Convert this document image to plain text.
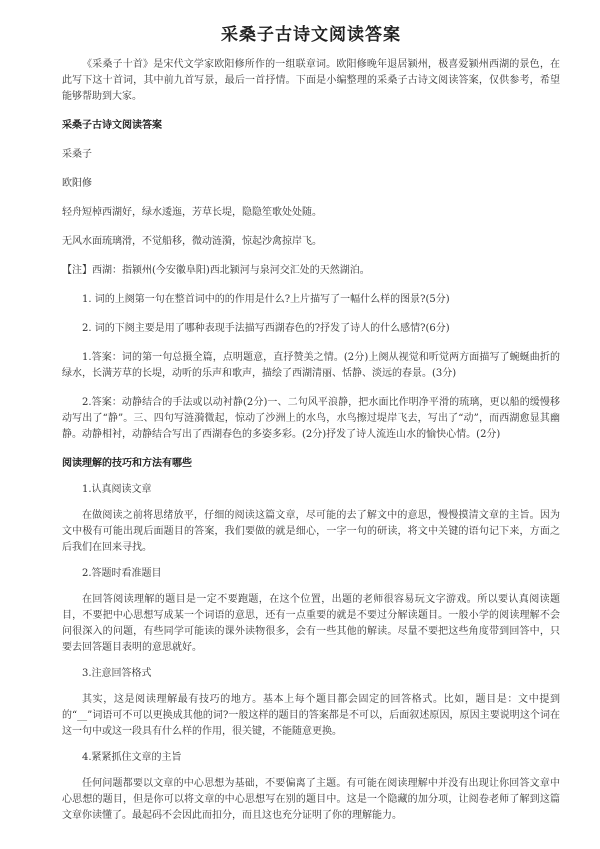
采桑子古诗文阅读答案

《采桑子十首》是宋代文学家欧阳修所作的一组联章词。欧阳修晚年退居颍州，极喜爱颍州西湖的景色，在此写下这十首词，其中前九首写景，最后一首抒情。下面是小编整理的采桑子古诗文阅读答案，仅供参考，希望能够帮助到大家。

采桑子古诗文阅读答案

采桑子

欧阳修

轻舟短棹西湖好，绿水逶迤，芳草长堤，隐隐笙歌处处随。

无风水面琉璃滑，不觉船移，微动涟漪，惊起沙禽掠岸飞。

【注】西湖：指颍州(今安徽阜阳)西北颍河与泉河交汇处的天然湖泊。

1. 词的上阕第一句在整首词中的的作用是什么?上片描写了一幅什么样的图景?(5分)

2. 词的下阕主要是用了哪种表现手法描写西湖春色的?抒发了诗人的什么感情?(6分)

1.答案：词的第一句总摄全篇，点明题意，直抒赞美之情。(2分)上阕从视觉和听觉两方面描写了蜿蜒曲折的绿水，长满芳草的长堤，动听的乐声和歌声，描绘了西湖清丽、恬静、淡远的春景。(3分)

2.答案：动静结合的手法或以动衬静(2分)一、二句风平浪静，把水面比作明净平滑的琉璃，更以船的缓慢移动写出了“静”。三、四句写涟漪微起，惊动了沙洲上的水鸟，水鸟擦过堤岸飞去，写出了“动”，而西湖愈显其幽静。动静相衬，动静结合写出了西湖春色的多姿多彩。(2分)抒发了诗人流连山水的愉快心情。(2分)

阅读理解的技巧和方法有哪些

1.认真阅读文章

在做阅读之前将思绪放平，仔细的阅读这篇文章，尽可能的去了解文中的意思，慢慢摸清文章的主旨。因为文中极有可能出现后面题目的答案，我们要做的就是细心，一字一句的研读，将文中关键的语句记下来，方面之后我们在回来寻找。

2.答题时看准题目

在回答阅读理解的题目是一定不要跑题，在这个位置，出题的老师很容易玩文字游戏。所以要认真阅读题目，不要把中心思想写成某一个词语的意思，还有一点重要的就是不要过分解读题目。一般小学的阅读理解不会问很深入的问题，有些同学可能读的课外读物很多，会有一些其他的解读。尽量不要把这些角度带到回答中，只要去回答题目表明的意思就好。

3.注意回答格式

其实，这是阅读理解最有技巧的地方。基本上每个题目都会固定的回答格式。比如，题目是：文中提到的“__”词语可不可以更换成其他的词?一般这样的题目的答案都是不可以，后面叙述原因，原因主要说明这个词在这一句中或这一段具有什么样的作用，很关键，不能随意更换。

4.紧紧抓住文章的主旨

任何问题都要以文章的中心思想为基础，不要偏离了主题。有可能在阅读理解中并没有出现让你回答文章中心思想的题目，但是你可以将文章的中心思想写在别的题目中。这是一个隐藏的加分项，让阅卷老师了解到这篇文章你读懂了。最起码不会因此而扣分，而且这也充分证明了你的理解能力。
